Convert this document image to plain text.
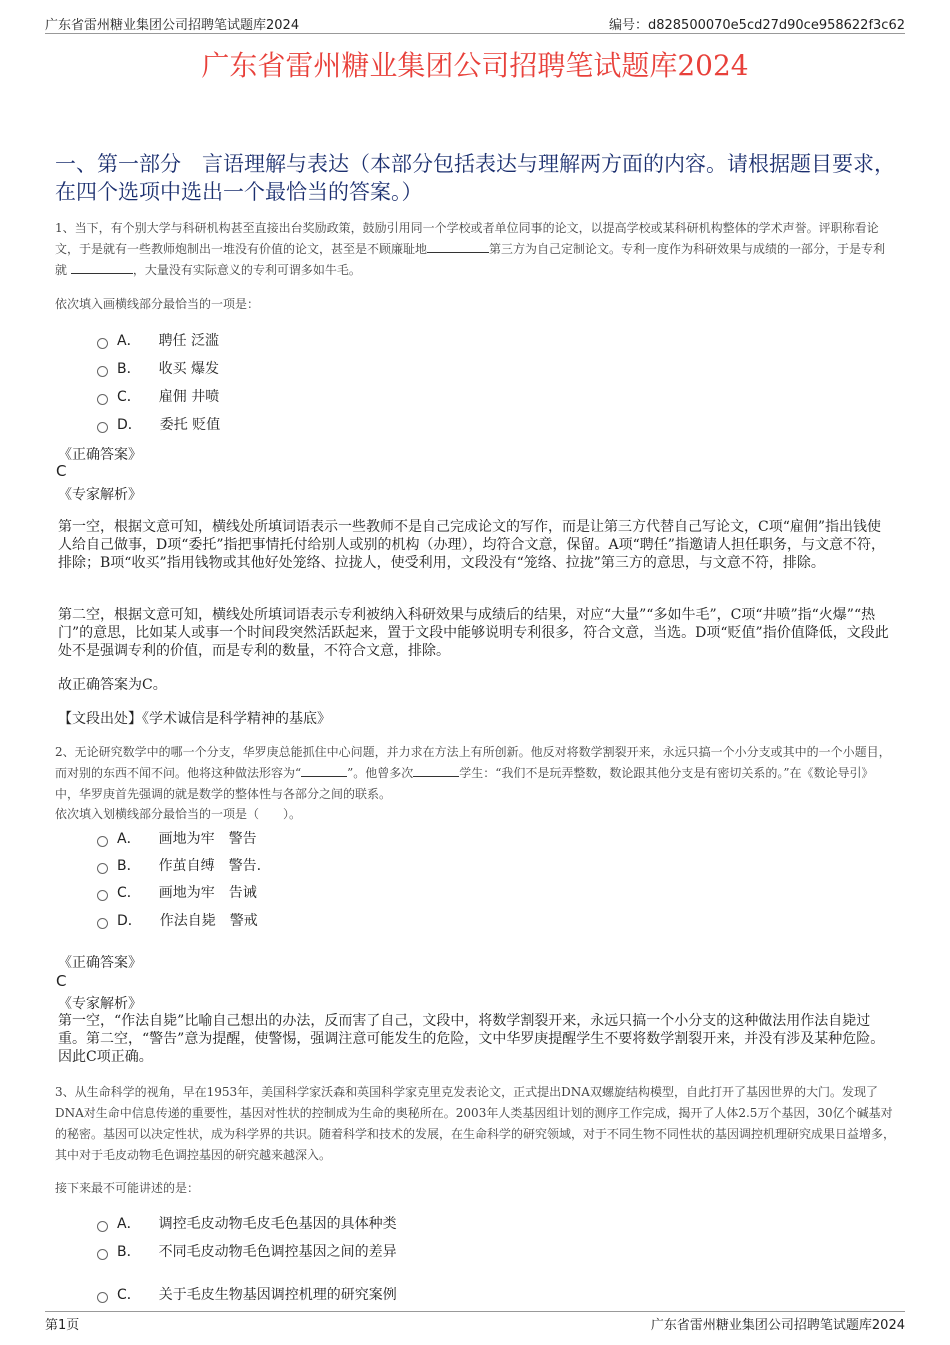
广东省雷州糖业集团公司招聘笔试题库2024	编号：d828500070e5cd27d90ce958622f3c62
广东省雷州糖业集团公司招聘笔试题库2024
一、第一部分　言语理解与表达（本部分包括表达与理解两方面的内容。请根据题目要求，在四个选项中选出一个最恰当的答案。）
1、当下，有个别大学与科研机构甚至直接出台奖励政策，鼓励引用同一个学校或者单位同事的论文，以提高学校或某科研机构整体的学术声誉。评职称看论文，于是就有一些教师炮制出一堆没有价值的论文，甚至是不顾廉耻地	第三方为自己定制论文。专利一度作为科研效果与成绩的一部分，于是专利就	，大量没有实际意义的专利可谓多如牛毛。
依次填入画横线部分最恰当的一项是：
A． 聘任 泛滥
B． 收买 爆发
C． 雇佣 井喷
D． 委托 贬值
《正确答案》
C
《专家解析》
第一空，根据文意可知，横线处所填词语表示一些教师不是自己完成论文的写作，而是让第三方代替自己写论文，C项“雇佣”指出钱使人给自己做事，D项“委托”指把事情托付给别人或别的机构（办理），均符合文意，保留。A项“聘任”指邀请人担任职务，与文意不符，排除；B项“收买”指用钱物或其他好处笼络、拉拢人，使受利用，文段没有“笼络、拉拢”第三方的意思，与文意不符，排除。
第二空，根据文意可知，横线处所填词语表示专利被纳入科研效果与成绩后的结果，对应“大量”“多如牛毛”，C项“井喷”指“火爆”“热门”的意思，比如某人或事一个时间段突然活跃起来，置于文段中能够说明专利很多，符合文意，当选。D项“贬值”指价值降低，文段此处不是强调专利的价值，而是专利的数量，不符合文意，排除。
故正确答案为C。
【文段出处】《学术诚信是科学精神的基底》
2、无论研究数学中的哪一个分支，华罗庚总能抓住中心问题，并力求在方法上有所创新。他反对将数学割裂开来，永远只搞一个小分支或其中的一个小题目，而对别的东西不闻不问。他将这种做法形容为“	”。他曾多次	学生：“我们不是玩弄整数，数论跟其他分支是有密切关系的。”在《数论导引》中，华罗庚首先强调的就是数学的整体性与各部分之间的联系。
依次填入划横线部分最恰当的一项是（　　）。
A． 画地为牢　警告
B． 作茧自缚　警告.
C． 画地为牢　告诫
D． 作法自毙　警戒
《正确答案》
C
《专家解析》
第一空，“作法自毙”比喻自己想出的办法，反而害了自己，文段中，将数学割裂开来，永远只搞一个小分支的这种做法用作法自毙过重。第二空，“警告”意为提醒，使警惕，强调注意可能发生的危险，文中华罗庚提醒学生不要将数学割裂开来，并没有涉及某种危险。因此C项正确。
3、从生命科学的视角，早在1953年，美国科学家沃森和英国科学家克里克发表论文，正式提出DNA双螺旋结构模型，自此打开了基因世界的大门。发现了DNA对生命中信息传递的重要性，基因对性状的控制成为生命的奥秘所在。2003年人类基因组计划的测序工作完成，揭开了人体2.5万个基因，30亿个碱基对的秘密。基因可以决定性状，成为科学界的共识。随着科学和技术的发展，在生命科学的研究领域，对于不同生物不同性状的基因调控机理研究成果日益增多，其中对于毛皮动物毛色调控基因的研究越来越深入。
接下来最不可能讲述的是：
A． 调控毛皮动物毛皮毛色基因的具体种类
B． 不同毛皮动物毛色调控基因之间的差异
C． 关于毛皮生物基因调控机理的研究案例
第1页	广东省雷州糖业集团公司招聘笔试题库2024
